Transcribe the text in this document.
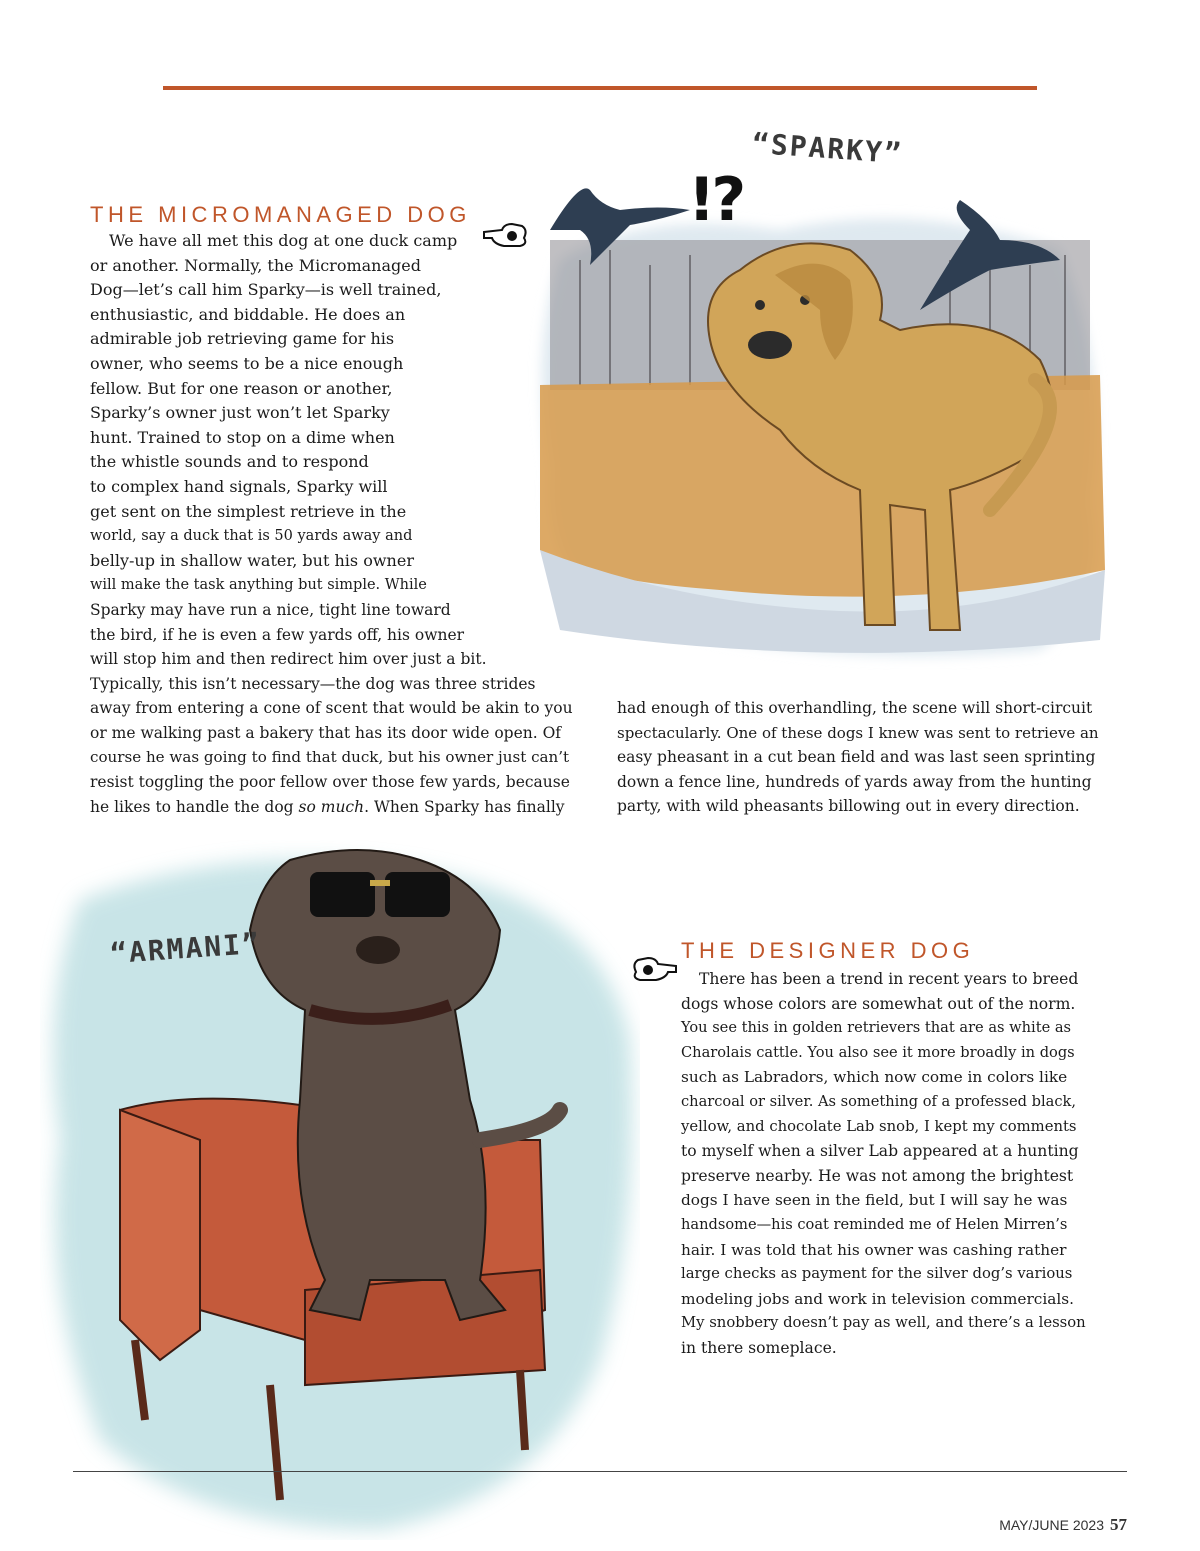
!?
“SPARKY”
THE MICROMANAGED DOG

We have all met this dog at one duck camp
or another. Normally, the Micromanaged
Dog—let’s call him Sparky—is well trained,
enthusiastic, and biddable. He does an
admirable job retrieving game for his
owner, who seems to be a nice enough
fellow. But for one reason or another,
Sparky’s owner just won’t let Sparky
hunt. Trained to stop on a dime when
the whistle sounds and to respond
to complex hand signals, Sparky will
get sent on the simplest retrieve in the
world, say a duck that is 50 yards away and
belly-up in shallow water, but his owner
will make the task anything but simple. While
Sparky may have run a nice, tight line toward
the bird, if he is even a few yards off, his owner
will stop him and then redirect him over just a bit.
Typically, this isn’t necessary—the dog was three strides
away from entering a cone of scent that would be akin to you
or me walking past a bakery that has its door wide open. Of
course he was going to find that duck, but his owner just can’t
resist toggling the poor fellow over those few yards, because
he likes to handle the dog so much. When Sparky has finally

had enough of this overhandling, the scene will short-circuit
spectacularly. One of these dogs I knew was sent to retrieve an
easy pheasant in a cut bean field and was last seen sprinting
down a fence line, hundreds of yards away from the hunting
party, with wild pheasants billowing out in every direction.

“ARMANI”	THE DESIGNER DOG

There has been a trend in recent years to breed
dogs whose colors are somewhat out of the norm.
You see this in golden retrievers that are as white as
Charolais cattle. You also see it more broadly in dogs
such as Labradors, which now come in colors like
charcoal or silver. As something of a professed black,
yellow, and chocolate Lab snob, I kept my comments
to myself when a silver Lab appeared at a hunting
preserve nearby. He was not among the brightest
dogs I have seen in the field, but I will say he was
handsome—his coat reminded me of Helen Mirren’s
hair. I was told that his owner was cashing rather
large checks as payment for the silver dog’s various
modeling jobs and work in television commercials.
My snobbery doesn’t pay as well, and there’s a lesson
in there someplace.

MAY/JUNE 2023 57
